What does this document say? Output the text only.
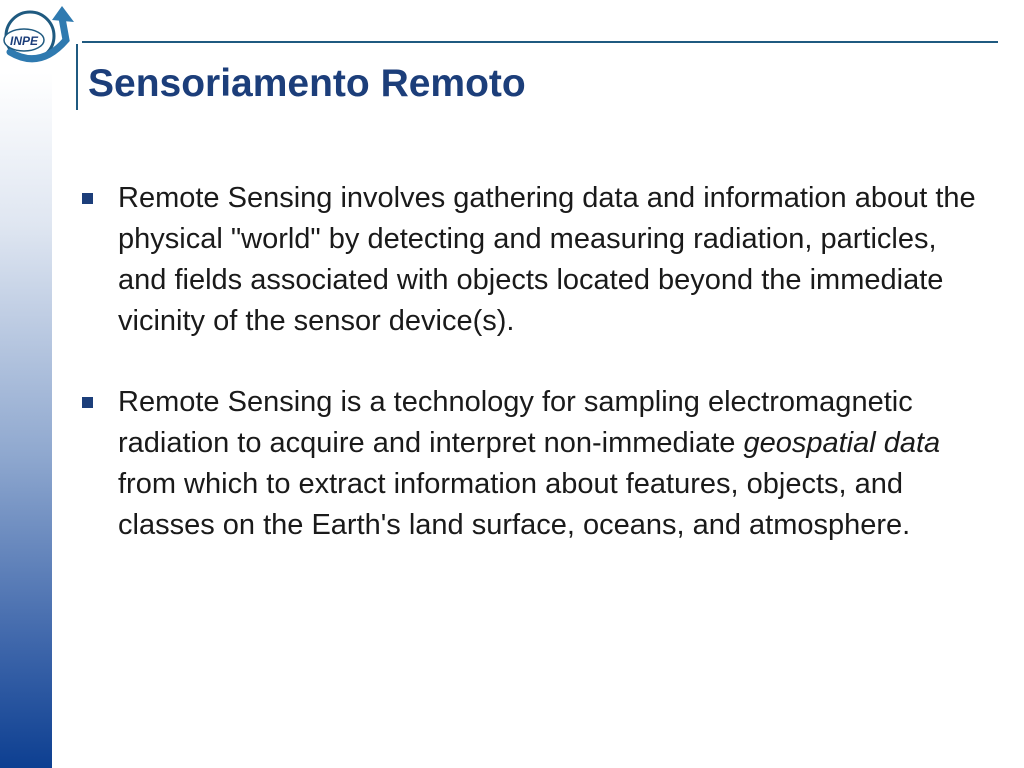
INPE
Sensoriamento Remoto
Remote Sensing involves gathering data and information about the physical "world" by detecting and measuring radiation, particles, and fields associated with objects located beyond the immediate vicinity of the sensor device(s).
Remote Sensing is a technology for sampling electromagnetic radiation to acquire and interpret non-immediate geospatial data from which to extract information about features, objects, and classes on the Earth's land surface, oceans, and atmosphere.
